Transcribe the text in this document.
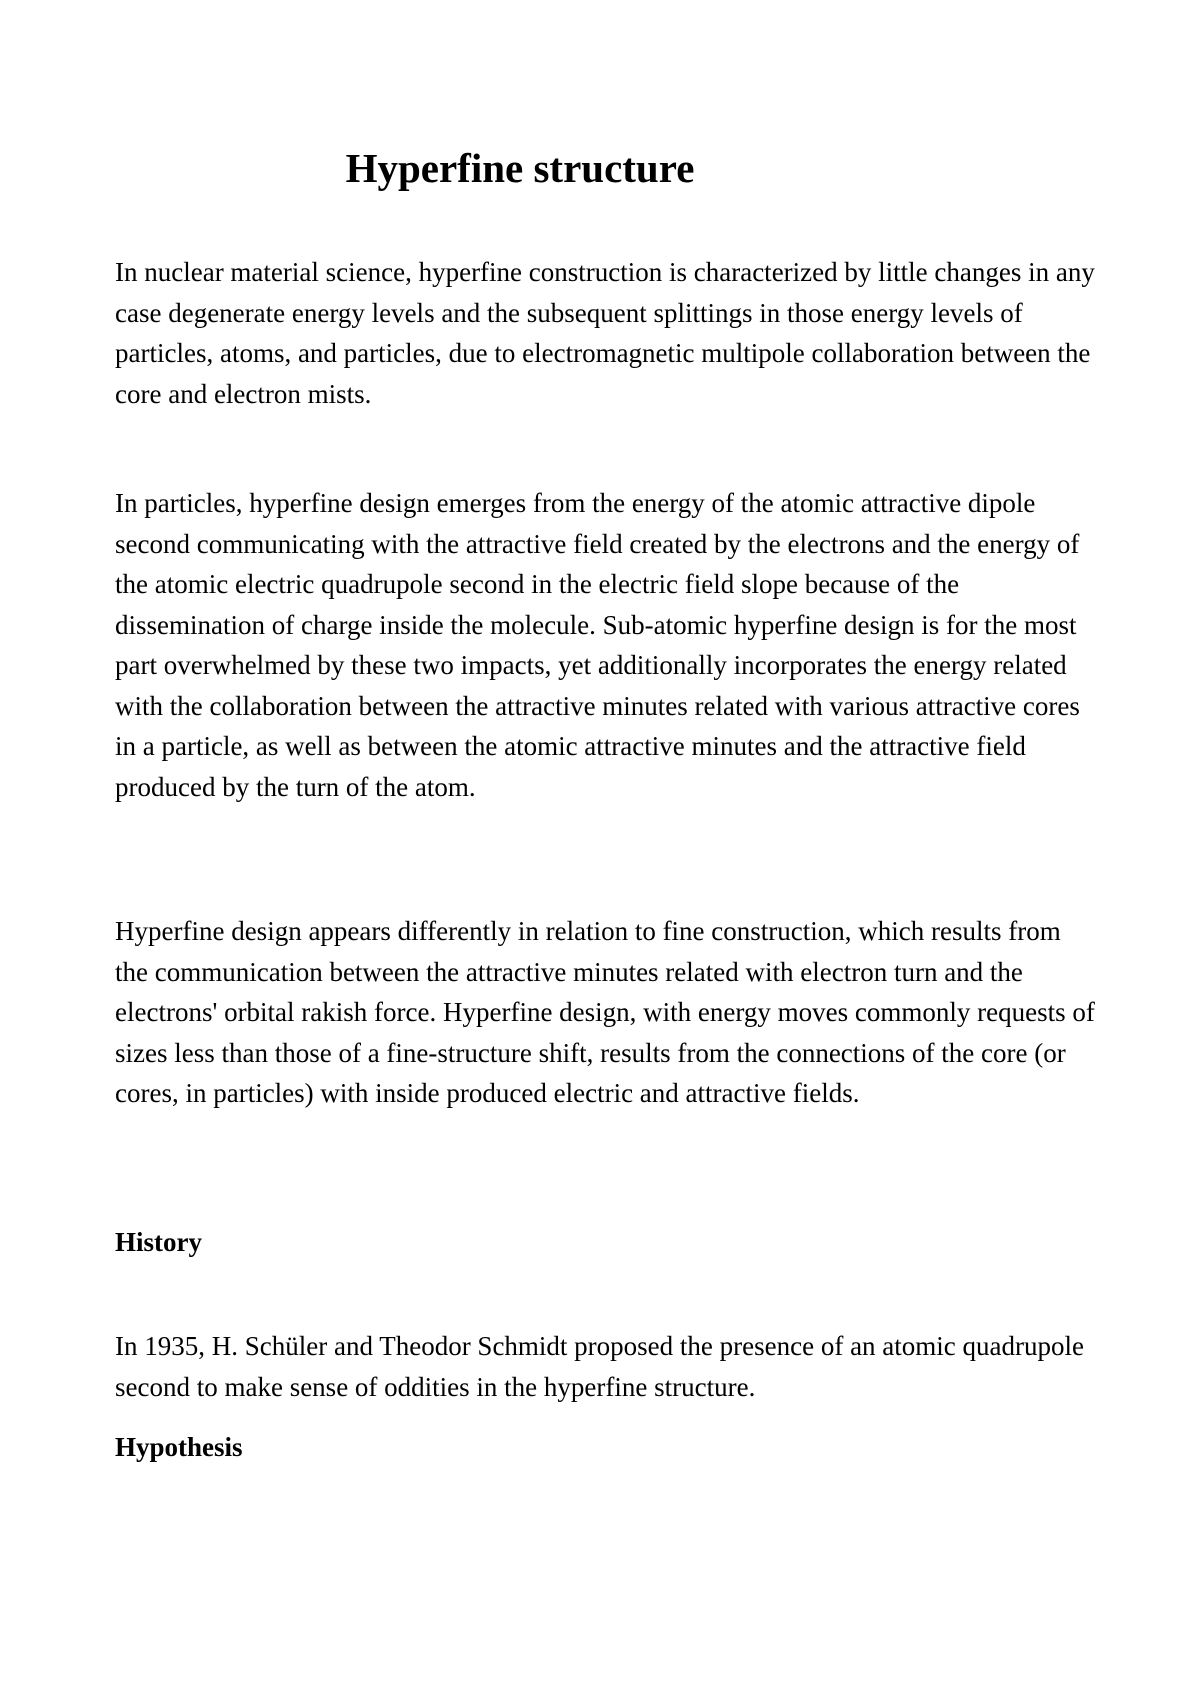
Hyperfine structure

In nuclear material science, hyperfine construction is characterized by little changes in any case degenerate energy levels and the subsequent splittings in those energy levels of particles, atoms, and particles, due to electromagnetic multipole collaboration between the core and electron mists.

In particles, hyperfine design emerges from the energy of the atomic attractive dipole second communicating with the attractive field created by the electrons and the energy of the atomic electric quadrupole second in the electric field slope because of the dissemination of charge inside the molecule. Sub-atomic hyperfine design is for the most part overwhelmed by these two impacts, yet additionally incorporates the energy related with the collaboration between the attractive minutes related with various attractive cores in a particle, as well as between the atomic attractive minutes and the attractive field produced by the turn of the atom.

Hyperfine design appears differently in relation to fine construction, which results from the communication between the attractive minutes related with electron turn and the electrons' orbital rakish force. Hyperfine design, with energy moves commonly requests of sizes less than those of a fine-structure shift, results from the connections of the core (or cores, in particles) with inside produced electric and attractive fields.

History

In 1935, H. Schüler and Theodor Schmidt proposed the presence of an atomic quadrupole second to make sense of oddities in the hyperfine structure.

Hypothesis
